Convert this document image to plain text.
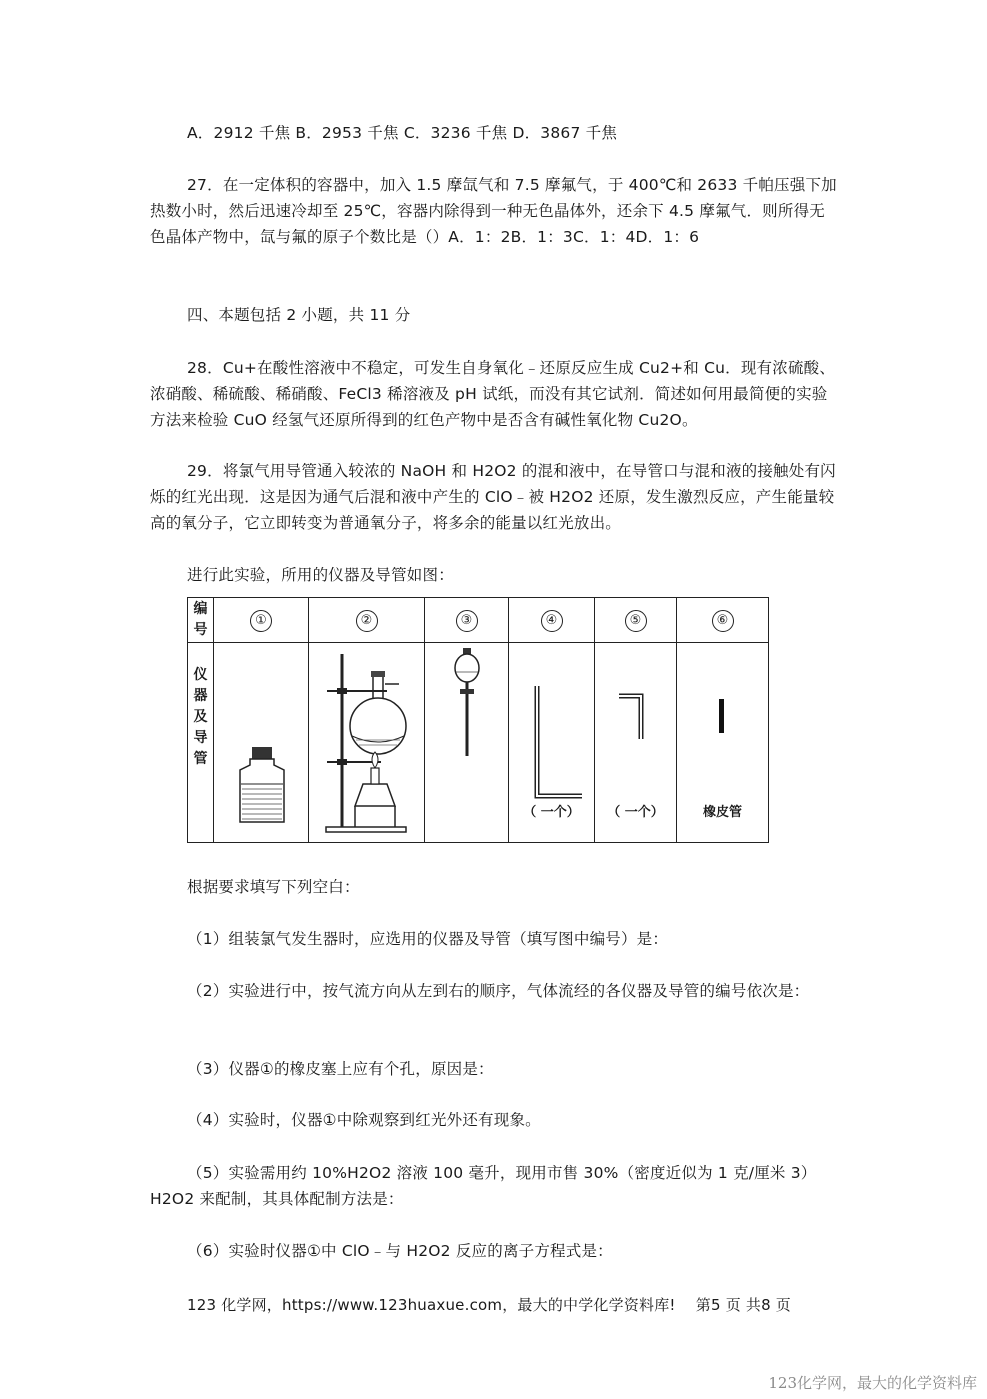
A．2912 千焦 B．2953 千焦 C．3236 千焦 D．3867 千焦

27．在一定体积的容器中，加入 1.5 摩氙气和 7.5 摩氟气，于 400℃和 2633 千帕压强下加热数小时，然后迅速冷却至 25℃，容器内除得到一种无色晶体外，还余下 4.5 摩氟气．则所得无色晶体产物中，氙与氟的原子个数比是（）A．1：2B．1：3C．1：4D．1：6

四、本题包括 2 小题，共 11 分

28．Cu+在酸性溶液中不稳定，可发生自身氧化﹣还原反应生成 Cu2+和 Cu．现有浓硫酸、浓硝酸、稀硫酸、稀硝酸、FeCl3 稀溶液及 pH 试纸，而没有其它试剂．简述如何用最简便的实验方法来检验 CuO 经氢气还原所得到的红色产物中是否含有碱性氧化物 Cu2O。

29．将氯气用导管通入较浓的 NaOH 和 H2O2 的混和液中，在导管口与混和液的接触处有闪烁的红光出现．这是因为通气后混和液中产生的 ClO﹣被 H2O2 还原，发生激烈反应，产生能量较高的氧分子，它立即转变为普通氧分子，将多余的能量以红光放出。

进行此实验，所用的仪器及导管如图：

编号	①	②	③	④	⑤	⑥

仪器及导管				（ 一个）	（ 一个）	橡皮管

根据要求填写下列空白：

（1）组装氯气发生器时，应选用的仪器及导管（填写图中编号）是：

（2）实验进行中，按气流方向从左到右的顺序，气体流经的各仪器及导管的编号依次是：

（3）仪器①的橡皮塞上应有个孔，原因是：

（4）实验时，仪器①中除观察到红光外还有现象。

（5）实验需用约 10%H2O2 溶液 100 毫升，现用市售 30%（密度近似为 1 克/厘米 3）H2O2 来配制，其具体配制方法是：

（6）实验时仪器①中 ClO﹣与 H2O2 反应的离子方程式是：

123 化学网，https://www.123huaxue.com，最大的中学化学资料库!　 第5 页 共8 页

123化学网，最大的化学资料库
